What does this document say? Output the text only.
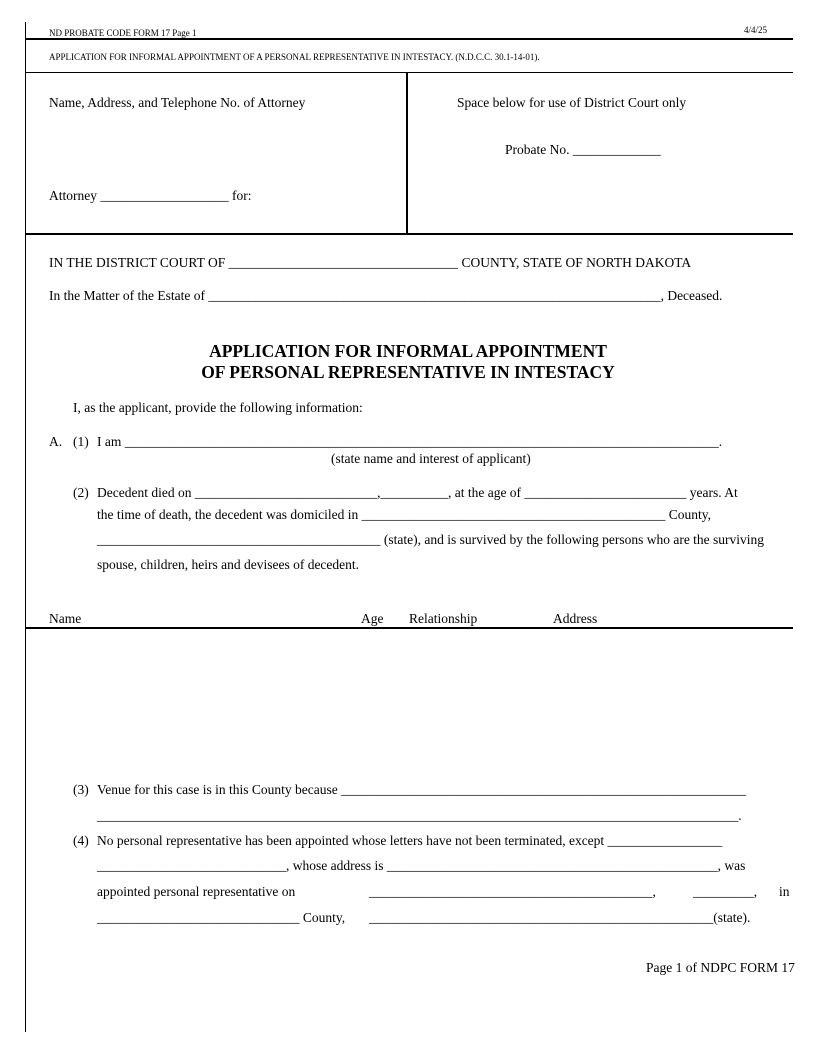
ND PROBATE CODE FORM 17 Page 1	4/4/25
APPLICATION FOR INFORMAL APPOINTMENT OF A PERSONAL REPRESENTATIVE IN INTESTACY. (N.D.C.C. 30.1-14-01).
Name, Address, and Telephone No. of Attorney
Attorney ___________________ for:
Space below for use of District Court only
Probate No. _____________
IN THE DISTRICT COURT OF __________________________________ COUNTY, STATE OF NORTH DAKOTA
In the Matter of the Estate of ___________________________________________________________________, Deceased.
APPLICATION FOR INFORMAL APPOINTMENT
OF PERSONAL REPRESENTATIVE IN INTESTACY
I, as the applicant, provide the following information:
A. (1) I am ________________________________________________________________________________________.
(state name and interest of applicant)
(2) Decedent died on ___________________________,__________, at the age of ________________________ years. At
the time of death, the decedent was domiciled in _____________________________________________ County,
__________________________________________ (state), and is survived by the following persons who are the surviving
spouse, children, heirs and devisees of decedent.
Name	Age Relationship	Address
(3) Venue for this case is in this County because ____________________________________________________________
_______________________________________________________________________________________________.
(4) No personal representative has been appointed whose letters have not been terminated, except _________________
____________________________, whose address is _________________________________________________, was
appointed personal representative on	__________________________________________,	_________, in
______________________________ County, ___________________________________________________(state).
Page 1 of NDPC FORM 17
